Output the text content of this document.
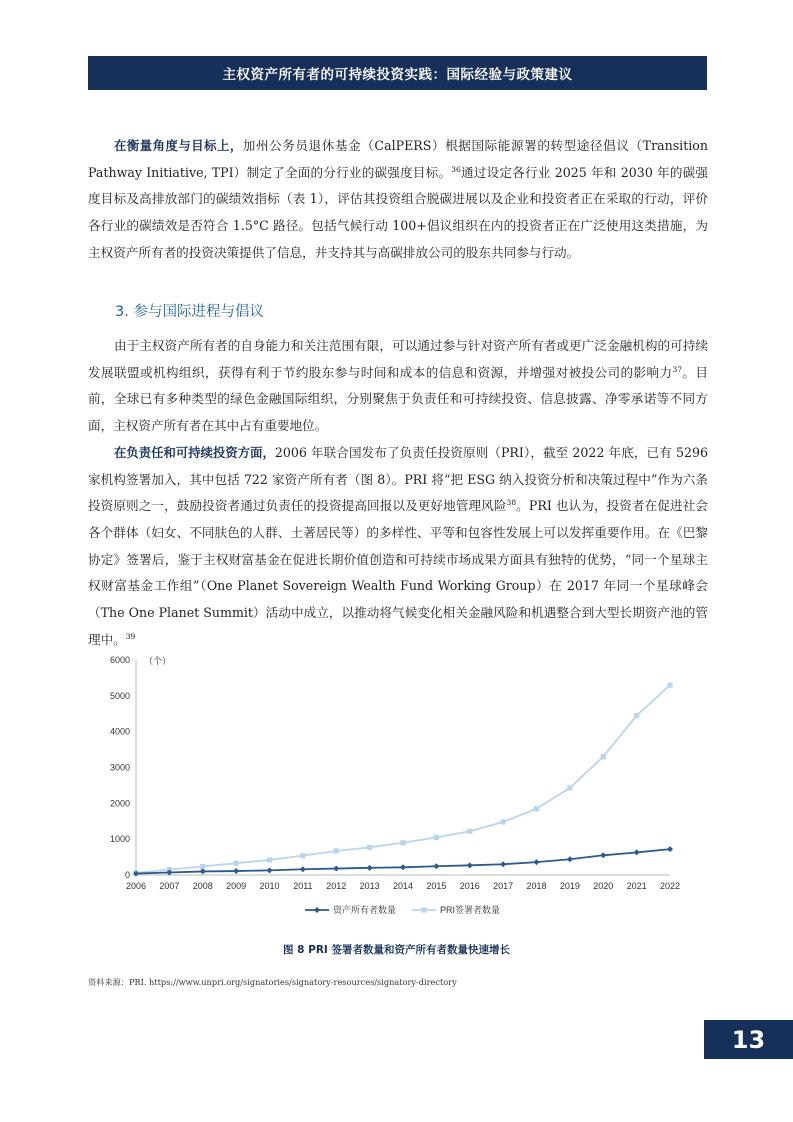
主权资产所有者的可持续投资实践：国际经验与政策建议

在衡量角度与目标上，加州公务员退休基金（CalPERS）根据国际能源署的转型途径倡议（Transition Pathway Initiative, TPI）制定了全面的分行业的碳强度目标。$^{36}$通过设定各行业 2025 年和 2030 年的碳强度目标及高排放部门的碳绩效指标（表 1），评估其投资组合脱碳进展以及企业和投资者正在采取的行动，评价各行业的碳绩效是否符合 1.5°C 路径。包括气候行动 100+倡议组织在内的投资者正在广泛使用这类措施，为主权资产所有者的投资决策提供了信息，并支持其与高碳排放公司的股东共同参与行动。

3. 参与国际进程与倡议

由于主权资产所有者的自身能力和关注范围有限，可以通过参与针对资产所有者或更广泛金融机构的可持续发展联盟或机构组织，获得有利于节约股东参与时间和成本的信息和资源，并增强对被投公司的影响力$^{37}$。目前，全球已有多种类型的绿色金融国际组织，分别聚焦于负责任和可持续投资、信息披露、净零承诺等不同方面，主权资产所有者在其中占有重要地位。

在负责任和可持续投资方面，2006 年联合国发布了负责任投资原则（PRI），截至 2022 年底，已有 5296 家机构签署加入，其中包括 722 家资产所有者（图 8）。PRI 将“把 ESG 纳入投资分析和决策过程中”作为六条投资原则之一，鼓励投资者通过负责任的投资提高回报以及更好地管理风险$^{38}$。PRI 也认为，投资者在促进社会各个群体（妇女、不同肤色的人群、土著居民等）的多样性、平等和包容性发展上可以发挥重要作用。在《巴黎协定》签署后，鉴于主权财富基金在促进长期价值创造和可持续市场成果方面具有独特的优势，“同一个星球主权财富基金工作组”（One Planet Sovereign Wealth Fund Working Group）在 2017 年同一个星球峰会（The One Planet Summit）活动中成立，以推动将气候变化相关金融风险和机遇整合到大型长期资产池的管理中。$^{39}$

0
1000
2000
3000
4000
5000
6000 （个）
2006 2007 2008 2009 2010 2011 2012 2013 2014 2015 2016 2017 2018 2019 2020 2021 2022
资产所有者数量	PRI签署者数量
图 8 PRI 签署者数量和资产所有者数量快速增长
资料来源：PRI. https://www.unpri.org/signatories/signatory-resources/signatory-directory
13
